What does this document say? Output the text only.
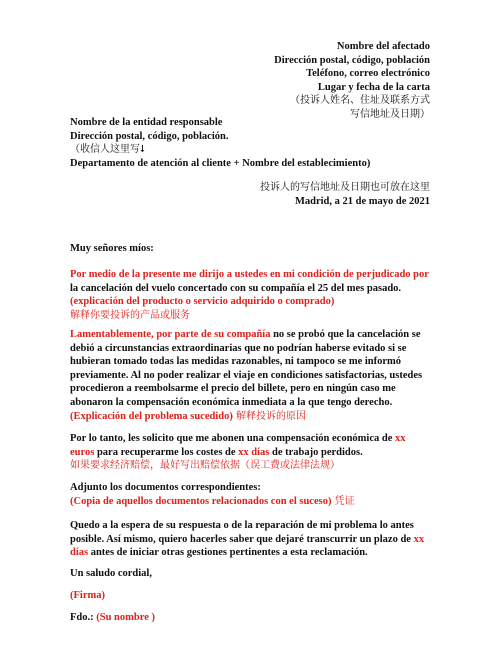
Nombre del afectado
Dirección postal, código, población
Teléfono, correo electrónico
Lugar y fecha de la carta
（投诉人姓名、住址及联系方式
写信地址及日期）
Nombre de la entidad responsable
Dirección postal, código, población.
（收信人这里写⭣
Departamento de atención al cliente + Nombre del establecimiento)
投诉人的写信地址及日期也可放在这里
Madrid, a 21 de mayo de 2021
Muy señores míos:
Por medio de la presente me dirijo a ustedes en mi condición de perjudicado por la cancelación del vuelo concertado con su compañía el 25 del mes pasado.
(explicación del producto o servicio adquirido o comprado)
解释你要投诉的产品或服务
Lamentablemente, por parte de su compañía no se probó que la cancelación se debió a circunstancias extraordinarias que no podrían haberse evitado si se hubieran tomado todas las medidas razonables, ni tampoco se me informó previamente. Al no poder realizar el viaje en condiciones satisfactorias, ustedes procedieron a reembolsarme el precio del billete, pero en ningún caso me abonaron la compensación económica inmediata a la que tengo derecho. (Explicación del problema sucedido) 解释投诉的原因
Por lo tanto, les solicito que me abonen una compensación económica de xx euros para recuperarme los costes de xx días de trabajo perdidos.
如果要求经济赔偿，最好写出赔偿依据（误工费或法律法规）
Adjunto los documentos correspondientes:
(Copia de aquellos documentos relacionados con el suceso) 凭证
Quedo a la espera de su respuesta o de la reparación de mi problema lo antes posible. Así mismo, quiero hacerles saber que dejaré transcurrir un plazo de xx días antes de iniciar otras gestiones pertinentes a esta reclamación.
Un saludo cordial,
(Firma)
Fdo.: (Su nombre )
